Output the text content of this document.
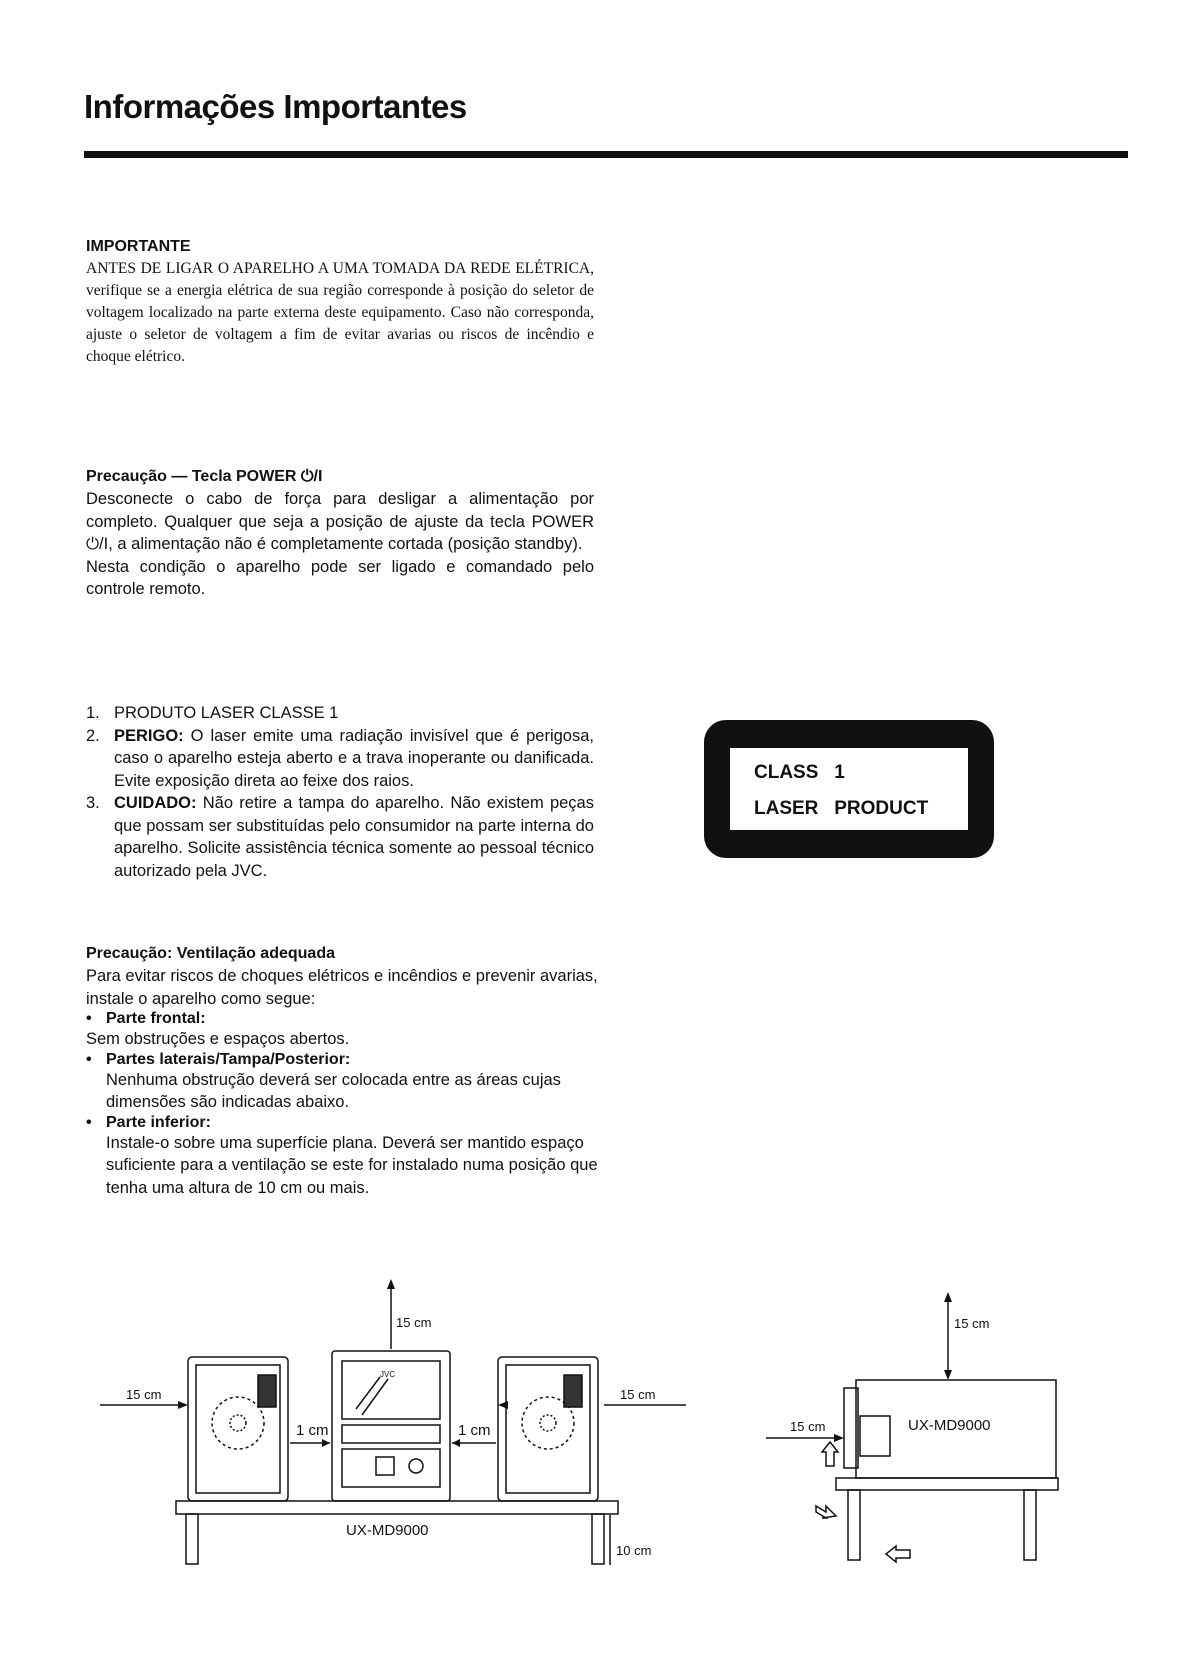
Informações Importantes
IMPORTANTE

ANTES DE LIGAR O APARELHO A UMA TOMADA DA REDE ELÉTRICA, verifique se a energia elétrica de sua região corresponde à posição do seletor de voltagem localizado na parte externa deste equipamento. Caso não corresponda, ajuste o seletor de voltagem a fim de evitar avarias ou riscos de incêndio e choque elétrico.

Precaução — Tecla POWER ⏻/I

Desconecte o cabo de força para desligar a alimentação por completo. Qualquer que seja a posição de ajuste da tecla POWER ⏻/I, a alimentação não é completamente cortada (posição standby).

Nesta condição o aparelho pode ser ligado e comandado pelo controle remoto.

1. PRODUTO LASER CLASSE 1
2. PERIGO: O laser emite uma radiação invisível que é perigosa, caso o aparelho esteja aberto e a trava inoperante ou danificada. Evite exposição direta ao feixe dos raios.
3. CUIDADO: Não retire a tampa do aparelho. Não existem peças que possam ser substituídas pelo consumidor na parte interna do aparelho. Solicite assistência técnica somente ao pessoal técnico autorizado pela JVC.
CLASS 1
LASER PRODUCT
Precaução: Ventilação adequada

Para evitar riscos de choques elétricos e incêndios e prevenir avarias, instale o aparelho como segue:

• Parte frontal:

Sem obstruções e espaços abertos.

• Partes laterais/Tampa/Posterior:

Nenhuma obstrução deverá ser colocada entre as áreas cujas dimensões são indicadas abaixo.

• Parte inferior:

Instale-o sobre uma superfície plana. Deverá ser mantido espaço suficiente para a ventilação se este for instalado numa posição que tenha uma altura de 10 cm ou mais.

15 cm
15 cm	15 cm
1 cm	1 cm
JVC
UX-MD9000
10 cm
15 cm
15 cm	UX-MD9000
